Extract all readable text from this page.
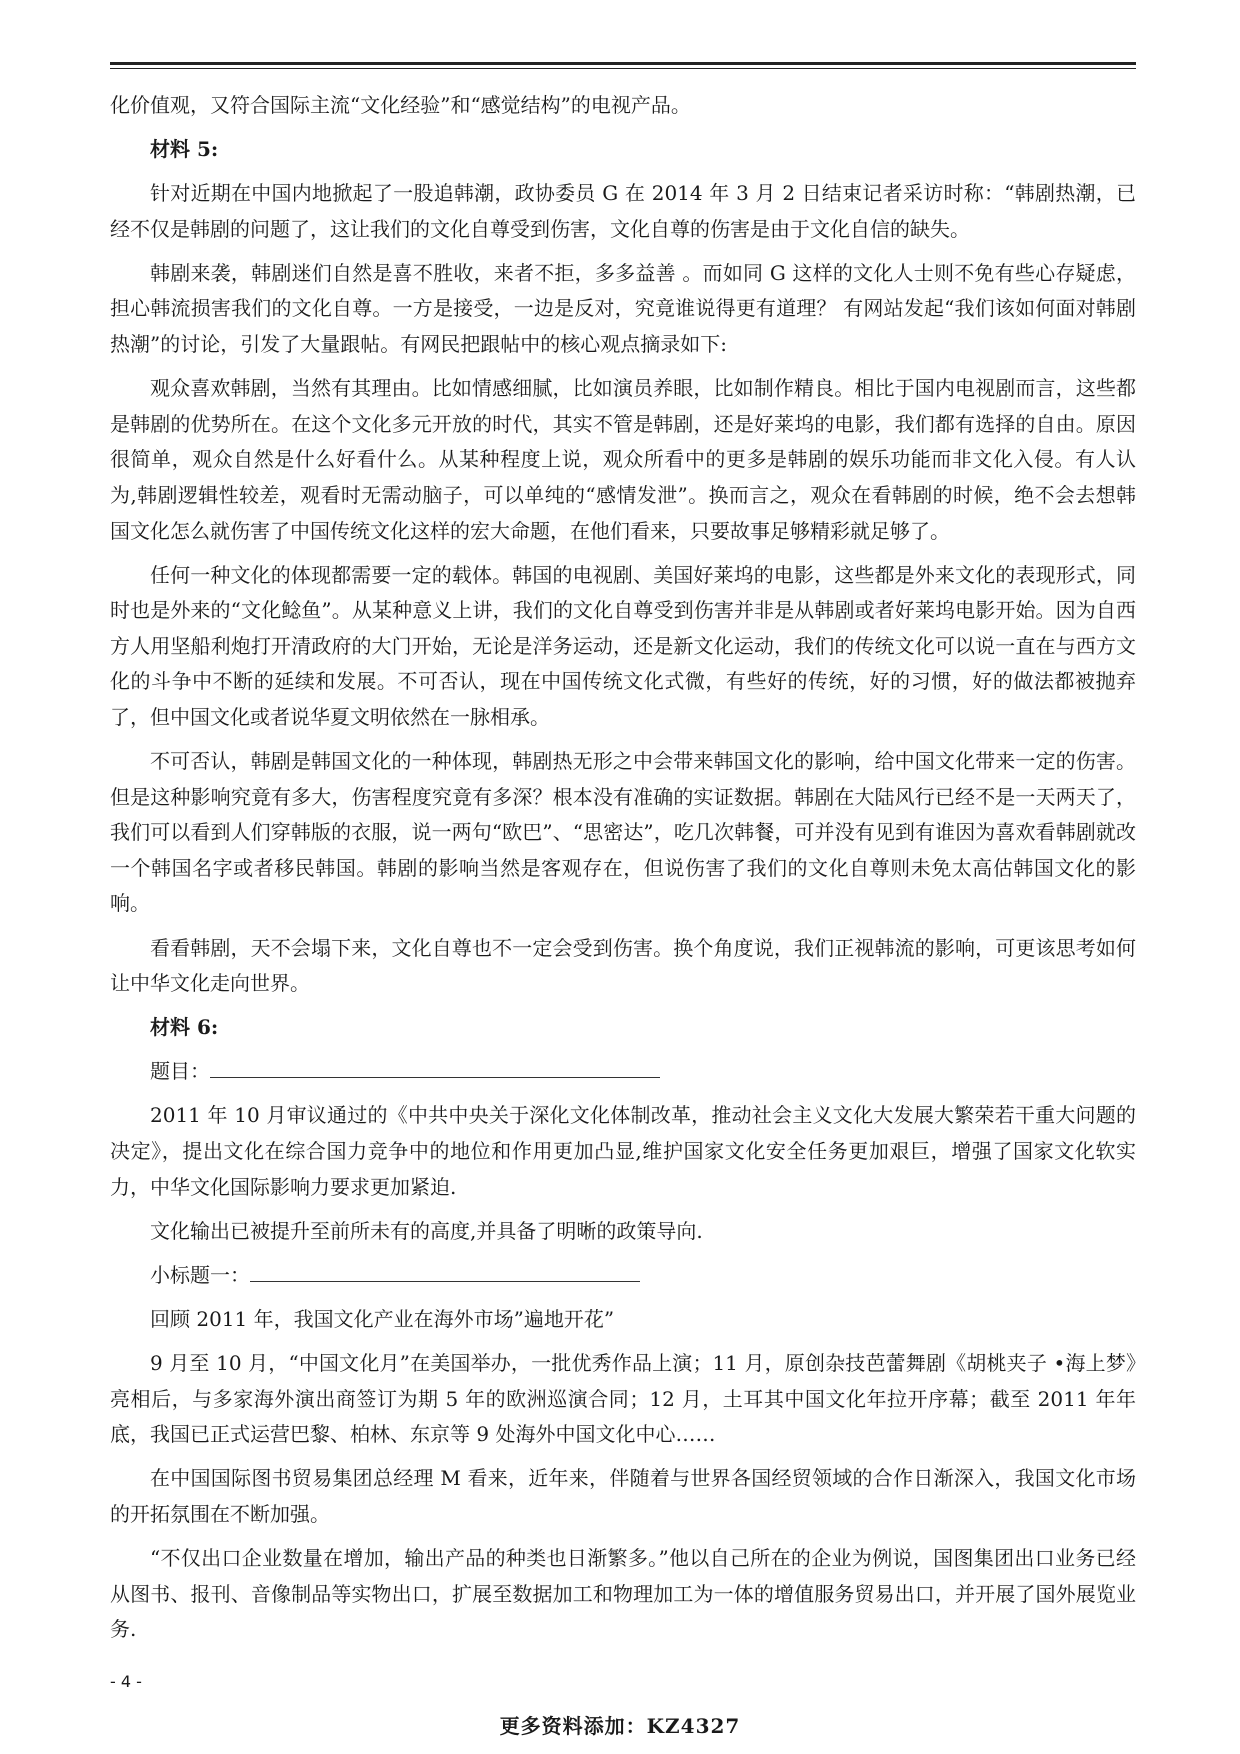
化价值观，又符合国际主流“文化经验”和“感觉结构”的电视产品。

材料 5:

针对近期在中国内地掀起了一股追韩潮，政协委员 G 在 2014 年 3 月 2 日结束记者采访时称：“韩剧热潮，已经不仅是韩剧的问题了，这让我们的文化自尊受到伤害，文化自尊的伤害是由于文化自信的缺失。

韩剧来袭，韩剧迷们自然是喜不胜收，来者不拒，多多益善 。而如同 G 这样的文化人士则不免有些心存疑虑，担心韩流损害我们的文化自尊。一方是接受，一边是反对，究竟谁说得更有道理？ 有网站发起“我们该如何面对韩剧热潮”的讨论，引发了大量跟帖。有网民把跟帖中的核心观点摘录如下:

观众喜欢韩剧，当然有其理由。比如情感细腻，比如演员养眼，比如制作精良。相比于国内电视剧而言，这些都是韩剧的优势所在。在这个文化多元开放的时代，其实不管是韩剧，还是好莱坞的电影，我们都有选择的自由。原因很简单，观众自然是什么好看什么。从某种程度上说，观众所看中的更多是韩剧的娱乐功能而非文化入侵。有人认为,韩剧逻辑性较差，观看时无需动脑子，可以单纯的“感情发泄”。换而言之，观众在看韩剧的时候，绝不会去想韩国文化怎么就伤害了中国传统文化这样的宏大命题，在他们看来，只要故事足够精彩就足够了。

任何一种文化的体现都需要一定的载体。韩国的电视剧、美国好莱坞的电影，这些都是外来文化的表现形式，同时也是外来的“文化鲶鱼”。从某种意义上讲，我们的文化自尊受到伤害并非是从韩剧或者好莱坞电影开始。因为自西方人用坚船利炮打开清政府的大门开始，无论是洋务运动，还是新文化运动，我们的传统文化可以说一直在与西方文化的斗争中不断的延续和发展。不可否认，现在中国传统文化式微，有些好的传统，好的习惯，好的做法都被抛弃了，但中国文化或者说华夏文明依然在一脉相承。

不可否认，韩剧是韩国文化的一种体现，韩剧热无形之中会带来韩国文化的影响，给中国文化带来一定的伤害。但是这种影响究竟有多大，伤害程度究竟有多深？根本没有准确的实证数据。韩剧在大陆风行已经不是一天两天了，我们可以看到人们穿韩版的衣服，说一两句“欧巴”、“思密达”，吃几次韩餐，可并没有见到有谁因为喜欢看韩剧就改一个韩国名字或者移民韩国。韩剧的影响当然是客观存在，但说伤害了我们的文化自尊则未免太高估韩国文化的影响。

看看韩剧，天不会塌下来，文化自尊也不一定会受到伤害。换个角度说，我们正视韩流的影响，可更该思考如何让中华文化走向世界。

材料 6:

题目：

2011 年 10 月审议通过的《中共中央关于深化文化体制改革，推动社会主义文化大发展大繁荣若干重大问题的决定》，提出文化在综合国力竞争中的地位和作用更加凸显,维护国家文化安全任务更加艰巨，增强了国家文化软实力，中华文化国际影响力要求更加紧迫.

文化输出已被提升至前所未有的高度,并具备了明晰的政策导向.

小标题一：

回顾 2011 年，我国文化产业在海外市场”遍地开花”

9 月至 10 月，“中国文化月”在美国举办，一批优秀作品上演；11 月，原创杂技芭蕾舞剧《胡桃夹子 •海上梦》亮相后，与多家海外演出商签订为期 5 年的欧洲巡演合同；12 月，土耳其中国文化年拉开序幕；截至 2011 年年底，我国已正式运营巴黎、柏林、东京等 9 处海外中国文化中心……

在中国国际图书贸易集团总经理 M 看来，近年来，伴随着与世界各国经贸领域的合作日渐深入，我国文化市场的开拓氛围在不断加强。

“不仅出口企业数量在增加，输出产品的种类也日渐繁多。”他以自己所在的企业为例说，国图集团出口业务已经从图书、报刊、音像制品等实物出口，扩展至数据加工和物理加工为一体的增值服务贸易出口，并开展了国外展览业务.

- 4 -
更多资料添加：KZ4327
